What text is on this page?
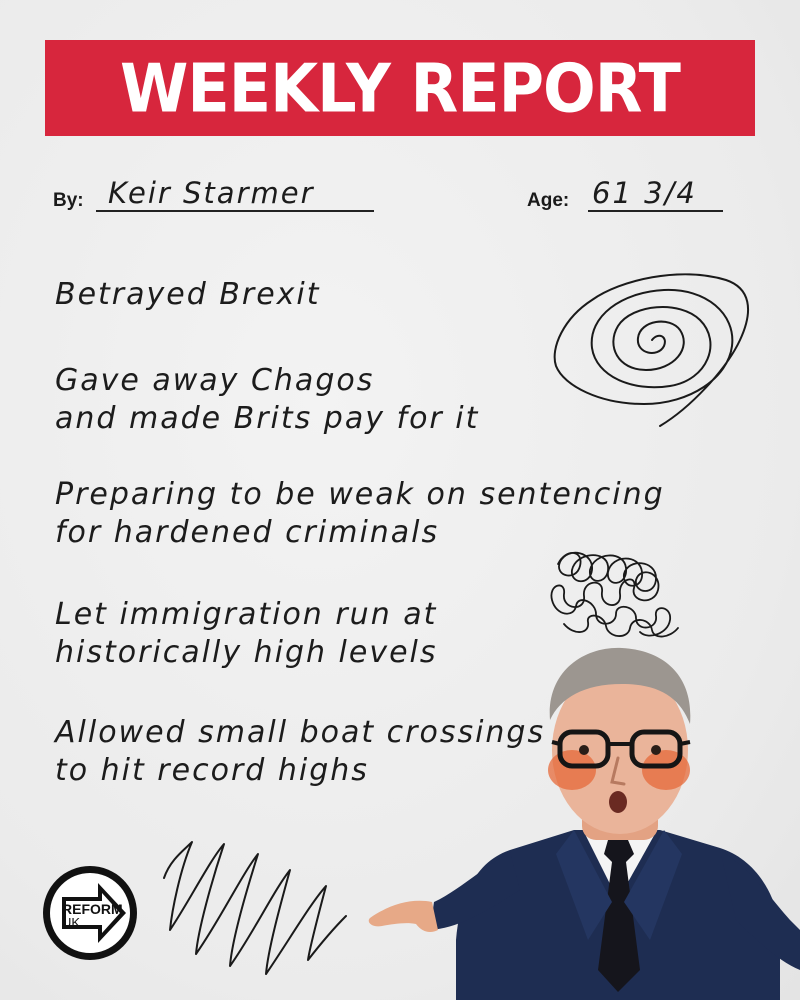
WEEKLY REPORT
By: Keir Starmer	Age: 61 3/4
Betrayed Brexit
Gave away Chagos
and made Brits pay for it
Preparing to be weak on sentencing
for hardened criminals
Let immigration run at
historically high levels
Allowed small boat crossings
to hit record highs
REFORM
UK
